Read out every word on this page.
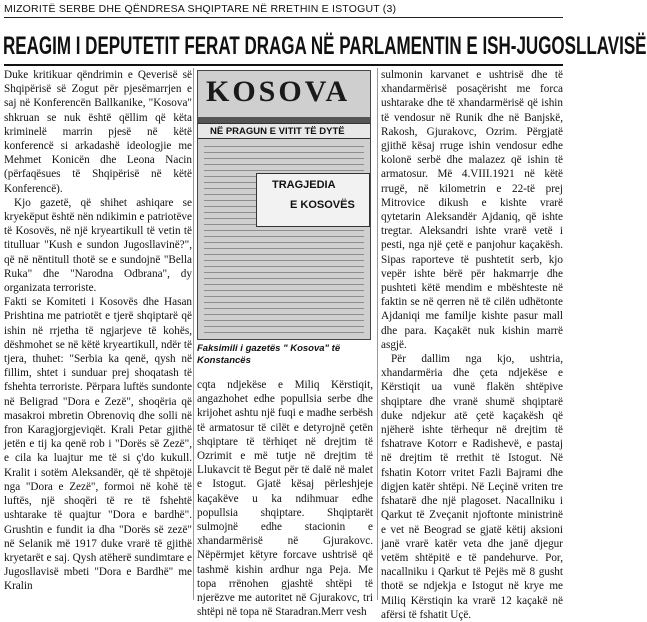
MIZORITË SERBE DHE QËNDRESA SHQIPTARE NË RRETHIN E ISTOGUT (3)
REAGIM I DEPUTETIT FERAT DRAGA NË PARLAMENTIN E ISH-JUGOSLLAVISË

Duke kritikuar qëndrimin e Qeverisë së Shqipërisë së Zogut për pjesëmarrjen e saj në Konferencën Ballkanike, "Kosova" shkruan se nuk është qëllim që këta kriminelë marrin pjesë në këtë konferencë si arkadashë ideologjie me Mehmet Konicën dhe Leona Nacin (përfaqësues të Shqipërisë në këtë Konferencë).

Kjo gazetë, që shihet ashiqare se kryekëput është nën ndikimin e patriotëve të Kosovës, në një kryeartikull të vetin të titulluar "Kush e sundon Jugosllavinë?", që në nëntitull thotë se e sundojnë "Bella Ruka" dhe "Narodna Odbrana", dy organizata terroriste.

Fakti se Komiteti i Kosovës dhe Hasan Prishtina me patriotët e tjerë shqiptarë që ishin në rrjetha të ngjarjeve të kohës, dëshmohet se në këtë kryeartikull, ndër të tjera, thuhet: "Serbia ka qenë, qysh në fillim, shtet i sunduar prej shoqatash të fshehta terroriste. Përpara luftës sundonte në Beligrad "Dora e Zezë", shoqëria që masakroi mbretin Obrenoviq dhe solli në fron Karagjorgjeviqët. Krali Petar gjithë jetën e tij ka qenë rob i "Dorës së Zezë", e cila ka luajtur me të si ç'do kukull. Kralit i sotëm Aleksandër, që të shpëtojë nga "Dora e Zezë", formoi në kohë të luftës, një shoqëri të re të fshehtë ushtarake të quajtur "Dora e bardhë". Grushtin e fundit ia dha "Dorës së zezë" në Selanik më 1917 duke vrarë të gjithë kryetarët e saj. Qysh atëherë sundimtare e Jugosllavisë mbeti "Dora e Bardhë" me Kralin

KOSOVA
NË PRAGUN E VITIT TË DYTË
TRAGJEDIA
E KOSOVËS
Faksimili i gazetës " Kosova" të Konstancës

cqta ndjekëse e Miliq Kërstiqit, angazhohet edhe popullsia serbe dhe krijohet ashtu një fuqi e madhe serbësh të armatosur të cilët e detyrojnë çetën shqiptare të tërhiqet në drejtim të Ozrimit e më tutje në drejtim të Llukavcit të Begut për të dalë në malet e Istogut. Gjatë kësaj përleshjeje kaçakëve u ka ndihmuar edhe popullsia shqiptare. Shqiptarët sulmojnë edhe stacionin e xhandarmërisë në Gjurakovc. Nëpërmjet këtyre forcave ushtrisë që tashmë kishin ardhur nga Peja. Me topa rrënohen gjashtë shtëpi të njerëzve me autoritet në Gjurakovc, tri shtëpi në topa në Staradran.Merr vesh

sulmonin karvanet e ushtrisë dhe të xhandarmërisë posaçërisht me forca ushtarake dhe të xhandarmërisë që ishin të vendosur në Runik dhe në Banjskë, Rakosh, Gjurakovc, Ozrim. Përgjatë gjithë kësaj rruge ishin vendosur edhe kolonë serbë dhe malazez që ishin të armatosur. Më 4.VIII.1921 në këtë rrugë, në kilometrin e 22-të prej Mitrovice dikush e kishte vrarë qytetarin Aleksandër Ajdaniq, që ishte tregtar. Aleksandri ishte vrarë vetë i pesti, nga një çetë e panjohur kaçakësh. Sipas raporteve të pushtetit serb, kjo vepër ishte bërë për hakmarrje dhe pushteti këtë mendim e mbështeste në faktin se në qerren në të cilën udhëtonte Ajdaniqi me familje kishte pasur mall dhe para. Kaçakët nuk kishin marrë asgjë.

Për dallim nga kjo, ushtria, xhandarmëria dhe çeta ndjekëse e Kërstiqit ua vunë flakën shtëpive shqiptare dhe vranë shumë shqiptarë duke ndjekur atë çetë kaçakësh që njëherë ishte tërhequr në drejtim të fshatrave Kotorr e Radishevë, e pastaj në drejtim të rrethit të Istogut. Në fshatin Kotorr vritet Fazli Bajrami dhe digjen katër shtëpi. Në Leçinë vriten tre fshatarë dhe një plagoset. Nacallniku i Qarkut të Zveçanit njoftonte ministrinë e vet në Beograd se gjatë këtij aksioni janë vrarë katër veta dhe janë djegur vetëm shtëpitë e të pandehurve. Por, nacallniku i Qarkut të Pejës më 8 gusht thotë se ndjekja e Istogut në krye me Miliq Kërstiqin ka vrarë 12 kaçakë në afërsi të fshatit Uçë.
